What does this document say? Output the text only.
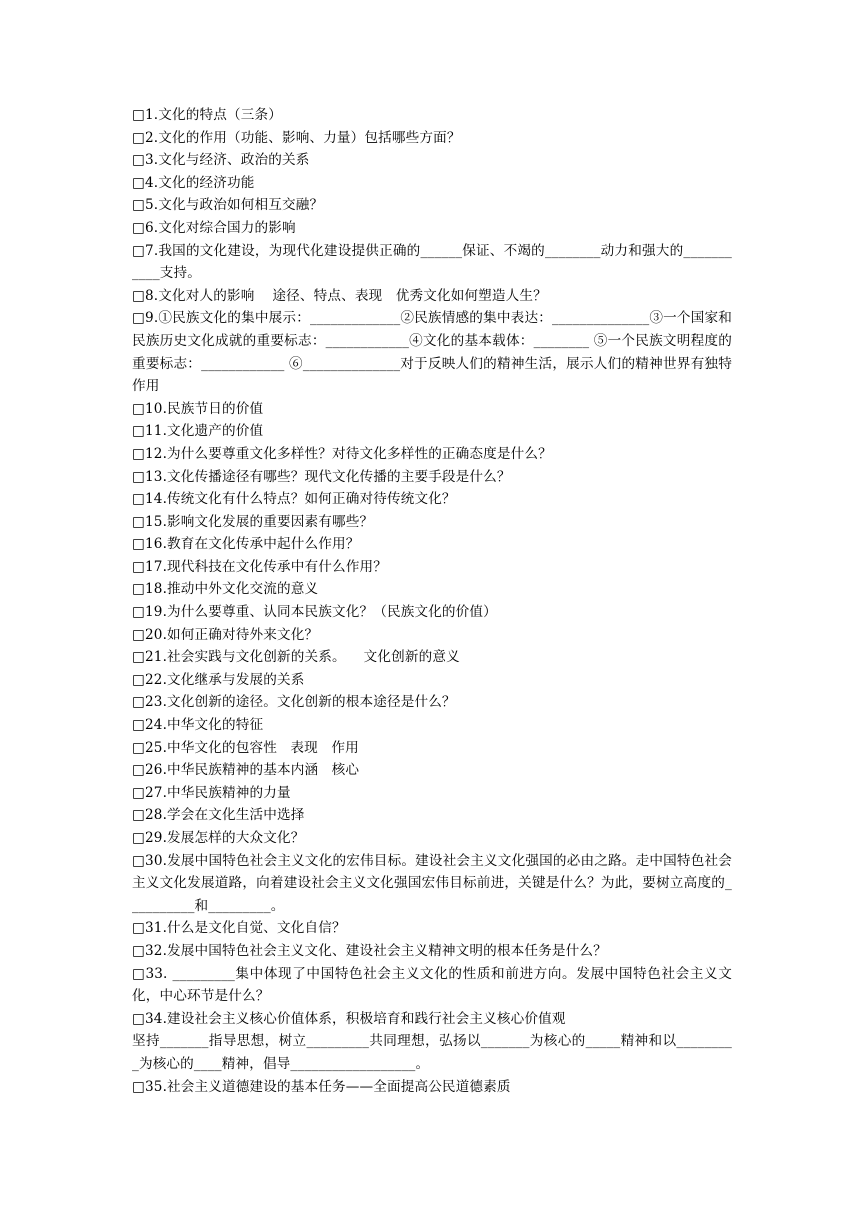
□1.文化的特点（三条）

□2.文化的作用（功能、影响、力量）包括哪些方面？

□3.文化与经济、政治的关系

□4.文化的经济功能

□5.文化与政治如何相互交融？

□6.文化对综合国力的影响

□7.我国的文化建设，为现代化建设提供正确的______保证、不竭的________动力和强大的___________支持。

□8.文化对人的影响    途径、特点、表现   优秀文化如何塑造人生？

□9.①民族文化的集中展示：_____________②民族情感的集中表达：______________③一个国家和民族历史文化成就的重要标志：____________④文化的基本载体：________ ⑤一个民族文明程度的重要标志：____________ ⑥______________对于反映人们的精神生活，展示人们的精神世界有独特作用

□10.民族节日的价值

□11.文化遗产的价值

□12.为什么要尊重文化多样性？对待文化多样性的正确态度是什么？

□13.文化传播途径有哪些？现代文化传播的主要手段是什么？

□14.传统文化有什么特点？如何正确对待传统文化？

□15.影响文化发展的重要因素有哪些？

□16.教育在文化传承中起什么作用？

□17.现代科技在文化传承中有什么作用？

□18.推动中外文化交流的意义

□19.为什么要尊重、认同本民族文化？（民族文化的价值）

□20.如何正确对待外来文化？

□21.社会实践与文化创新的关系。    文化创新的意义

□22.文化继承与发展的关系

□23.文化创新的途径。文化创新的根本途径是什么？

□24.中华文化的特征

□25.中华文化的包容性   表现   作用

□26.中华民族精神的基本内涵   核心

□27.中华民族精神的力量

□28.学会在文化生活中选择

□29.发展怎样的大众文化？

□30.发展中国特色社会主义文化的宏伟目标。建设社会主义文化强国的必由之路。走中国特色社会主义文化发展道路，向着建设社会主义文化强国宏伟目标前进，关键是什么？为此，要树立高度的__________和_________。

□31.什么是文化自觉、文化自信？

□32.发展中国特色社会主义文化、建设社会主义精神文明的根本任务是什么？

□33. _________集中体现了中国特色社会主义文化的性质和前进方向。发展中国特色社会主义文化，中心环节是什么？

□34.建设社会主义核心价值体系，积极培育和践行社会主义核心价值观
坚持_______指导思想，树立_________共同理想，弘扬以_______为核心的_____精神和以_________为核心的____精神，倡导__________________。

□35.社会主义道德建设的基本任务——全面提高公民道德素质
